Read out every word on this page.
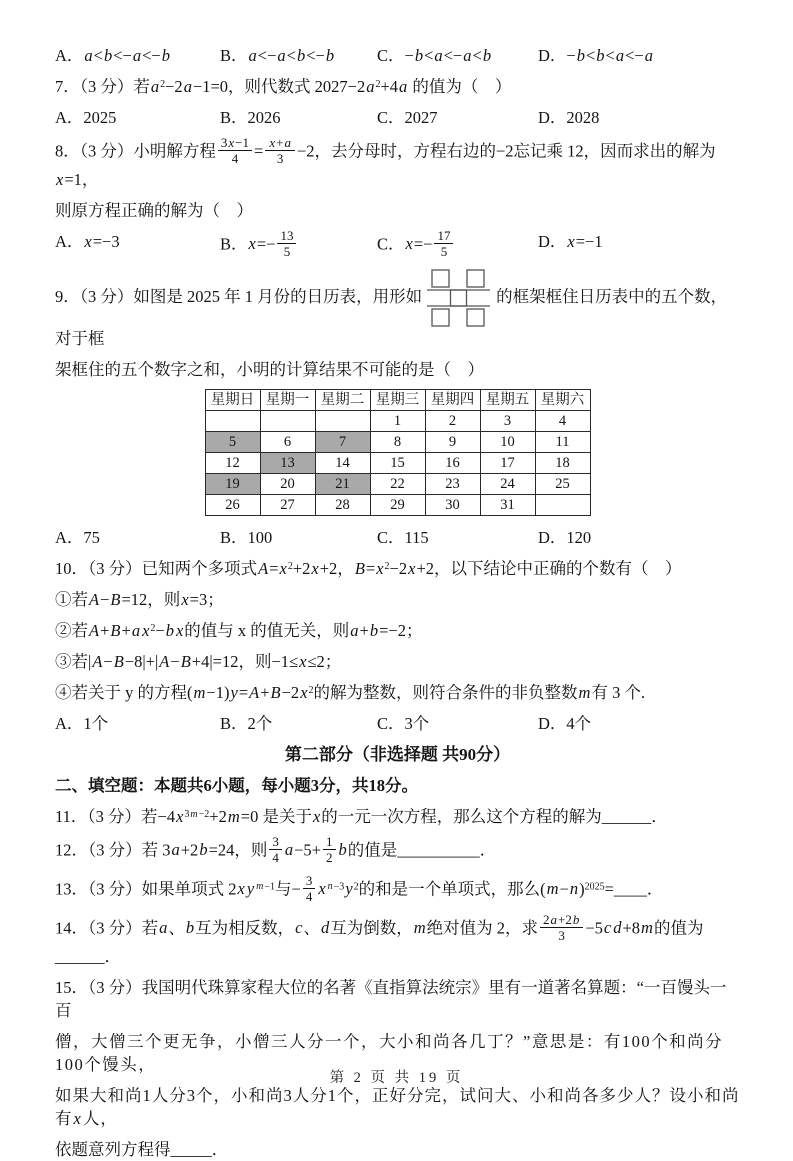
A．a<b<−a<−b	B．a<−a<b<−b	C．−b<a<−a<b	D．−b<b<a<−a
7．（3 分）若$a^2-2a-1=0$，则代数式 $2027-2a^2+4a$ 的值为（　）
A．2025	B．2026	C．2027	D．2028
8．（3 分）小明解方程 $\frac{3x-1}{4} = \frac{x+a}{3} -2$，去分母时，方程右边的−2忘记乘 12，因而求出的解为x=1，
则原方程正确的解为（　）
A．x=−3	B．$x=- \frac{13}{5}$	C．$x=- \frac{17}{5}$	D．x=−1
9．（3 分）如图是 2025 年 1 月份的日历表，用形如	的框架框住日历表中的五个数，对于框
架框住的五个数字之和，小明的计算结果不可能的是（　）
星期日	星期一	星期二	星期三	星期四	星期五	星期六
			1	2	3	4
5	6	7	8	9	10	11
12	13	14	15	16	17	18
19	20	21	22	23	24	25
26	27	28	29	30	31	
A．75	B．100	C．115	D．120
10．（3 分）已知两个多项式$A=x^2+2x+2$，$B=x^2-2x+2$，以下结论中正确的个数有（　）
①若A−B=12，则x=3；
②若A+B+a $x^2-b$ x的值与 x 的值无关，则a+b=−2；
③若|A−B−8|+|A−B+4|=12，则−1≤x≤2；
④若关于 y 的方程$(m-1)y=A+B-2x^2$的解为整数，则符合条件的非负整数m有 3 个.
A．1个	B．2个	C．3个	D．4个
第二部分（非选择题 共90分）
二、填空题：本题共6小题，每小题3分，共18分。
11．（3 分）若$-4x^{3m-2}+2m=0$ 是关于x的一元一次方程，那么这个方程的解为______．
12．（3 分）若 3a+2b=24，则 $\frac{3}{4} a-5+ \frac{1}{2}$ b的值是__________．
13．（3 分）如果单项式 2x y $^{m-1}$与− $\frac{3}{4}$ x $^{n-3}y^2$的和是一个单项式，那么$(m-n)^{2025}=\_\_\_\_$．
14．（3 分）若a、b互为相反数，c、d互为倒数，m绝对值为 2，求 $\frac{2a+2b}{3} -5c$ d+8m的值为______．
15．（3 分）我国明代珠算家程大位的名著《直指算法统宗》里有一道著名算题：“一百馒头一百
僧，大僧三个更无争，小僧三人分一个，大小和尚各几丁？”意思是：有100个和尚分100个馒头，
如果大和尚1人分3个，小和尚3人分1个，正好分完，试问大、小和尚各多少人？设小和尚有x人，
依题意列方程得_____．
第 2 页 共 19 页
